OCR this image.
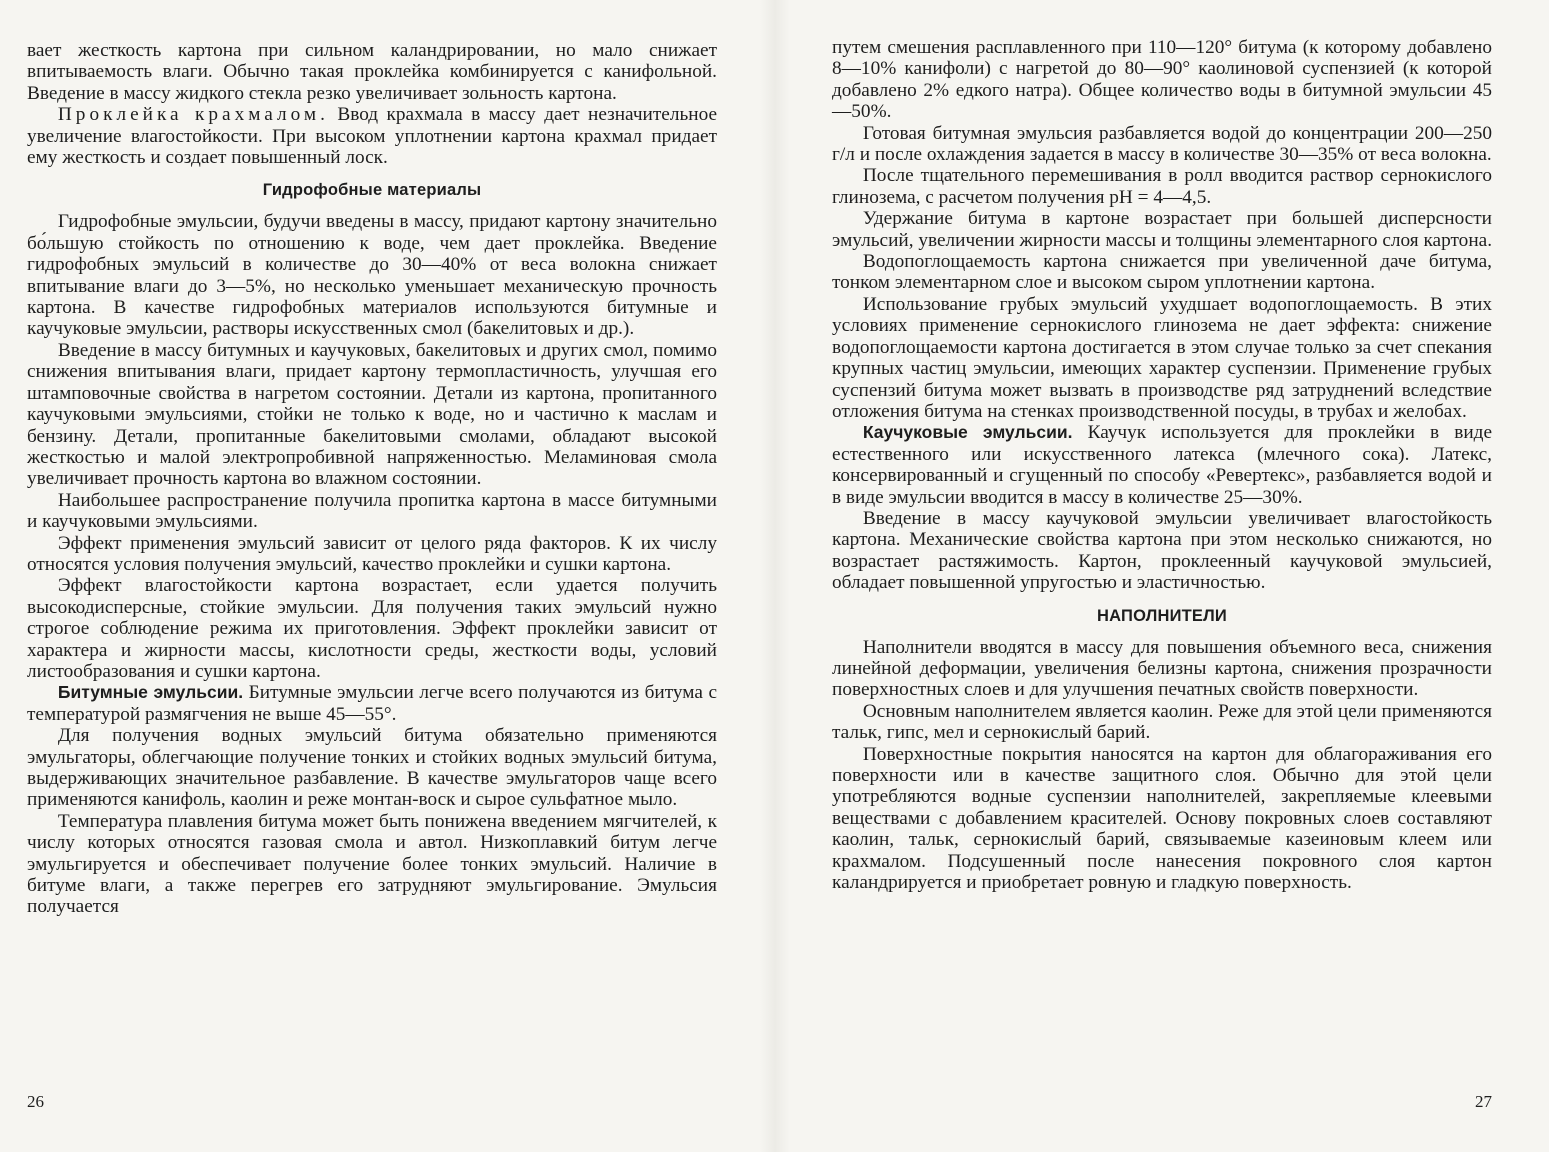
вает жесткость картона при сильном каландрировании, но мало снижает впитываемость влаги. Обычно такая проклейка комбинируется с канифольной. Введение в массу жидкого стекла резко увеличивает зольность картона.

Проклейка крахмалом. Ввод крахмала в массу дает незначительное увеличение влагостойкости. При высоком уплотнении картона крахмал придает ему жесткость и создает повышенный лоск.

Гидрофобные материалы

Гидрофобные эмульсии, будучи введены в массу, придают картону значительно бо́льшую стойкость по отношению к воде, чем дает проклейка. Введение гидрофобных эмульсий в количестве до 30—40% от веса волокна снижает впитывание влаги до 3—5%, но несколько уменьшает механическую прочность картона. В качестве гидрофобных материалов используются битумные и каучуковые эмульсии, растворы искусственных смол (бакелитовых и др.).

Введение в массу битумных и каучуковых, бакелитовых и других смол, помимо снижения впитывания влаги, придает картону термопластичность, улучшая его штамповочные свойства в нагретом состоянии. Детали из картона, пропитанного каучуковыми эмульсиями, стойки не только к воде, но и частично к маслам и бензину. Детали, пропитанные бакелитовыми смолами, обладают высокой жесткостью и малой электропробивной напряженностью. Меламиновая смола увеличивает прочность картона во влажном состоянии.

Наибольшее распространение получила пропитка картона в массе битумными и каучуковыми эмульсиями.

Эффект применения эмульсий зависит от целого ряда факторов. К их числу относятся условия получения эмульсий, качество проклейки и сушки картона.

Эффект влагостойкости картона возрастает, если удается получить высокодисперсные, стойкие эмульсии. Для получения таких эмульсий нужно строгое соблюдение режима их приготовления. Эффект проклейки зависит от характера и жирности массы, кислотности среды, жесткости воды, условий листообразования и сушки картона.

Битумные эмульсии. Битумные эмульсии легче всего получаются из битума с температурой размягчения не выше 45—55°.

Для получения водных эмульсий битума обязательно применяются эмульгаторы, облегчающие получение тонких и стойких водных эмульсий битума, выдерживающих значительное разбавление. В качестве эмульгаторов чаще всего применяются канифоль, каолин и реже монтан-воск и сырое сульфатное мыло.

Температура плавления битума может быть понижена введением мягчителей, к числу которых относятся газовая смола и автол. Низкоплавкий битум легче эмульгируется и обеспечивает получение более тонких эмульсий. Наличие в битуме влаги, а также перегрев его затрудняют эмульгирование. Эмульсия получается

26

путем смешения расплавленного при 110—120° битума (к которому добавлено 8—10% канифоли) с нагретой до 80—90° каолиновой суспензией (к которой добавлено 2% едкого натра). Общее количество воды в битумной эмульсии 45—50%.

Готовая битумная эмульсия разбавляется водой до концентрации 200—250 г/л и после охлаждения задается в массу в количестве 30—35% от веса волокна.

После тщательного перемешивания в ролл вводится раствор сернокислого глинозема, с расчетом получения pH = 4—4,5.

Удержание битума в картоне возрастает при большей дисперсности эмульсий, увеличении жирности массы и толщины элементарного слоя картона.

Водопоглощаемость картона снижается при увеличенной даче битума, тонком элементарном слое и высоком сыром уплотнении картона.

Использование грубых эмульсий ухудшает водопоглощаемость. В этих условиях применение сернокислого глинозема не дает эффекта: снижение водопоглощаемости картона достигается в этом случае только за счет спекания крупных частиц эмульсии, имеющих характер суспензии. Применение грубых суспензий битума может вызвать в производстве ряд затруднений вследствие отложения битума на стенках производственной посуды, в трубах и желобах.

Каучуковые эмульсии. Каучук используется для проклейки в виде естественного или искусственного латекса (млечного сока). Латекс, консервированный и сгущенный по способу «Ревертекс», разбавляется водой и в виде эмульсии вводится в массу в количестве 25—30%.

Введение в массу каучуковой эмульсии увеличивает влагостойкость картона. Механические свойства картона при этом несколько снижаются, но возрастает растяжимость. Картон, проклеенный каучуковой эмульсией, обладает повышенной упругостью и эластичностью.

НАПОЛНИТЕЛИ

Наполнители вводятся в массу для повышения объемного веса, снижения линейной деформации, увеличения белизны картона, снижения прозрачности поверхностных слоев и для улучшения печатных свойств поверхности.

Основным наполнителем является каолин. Реже для этой цели применяются тальк, гипс, мел и сернокислый барий.

Поверхностные покрытия наносятся на картон для облагораживания его поверхности или в качестве защитного слоя. Обычно для этой цели употребляются водные суспензии наполнителей, закрепляемые клеевыми веществами с добавлением красителей. Основу покровных слоев составляют каолин, тальк, сернокислый барий, связываемые казеиновым клеем или крахмалом. Подсушенный после нанесения покровного слоя картон каландрируется и приобретает ровную и гладкую поверхность.

27
